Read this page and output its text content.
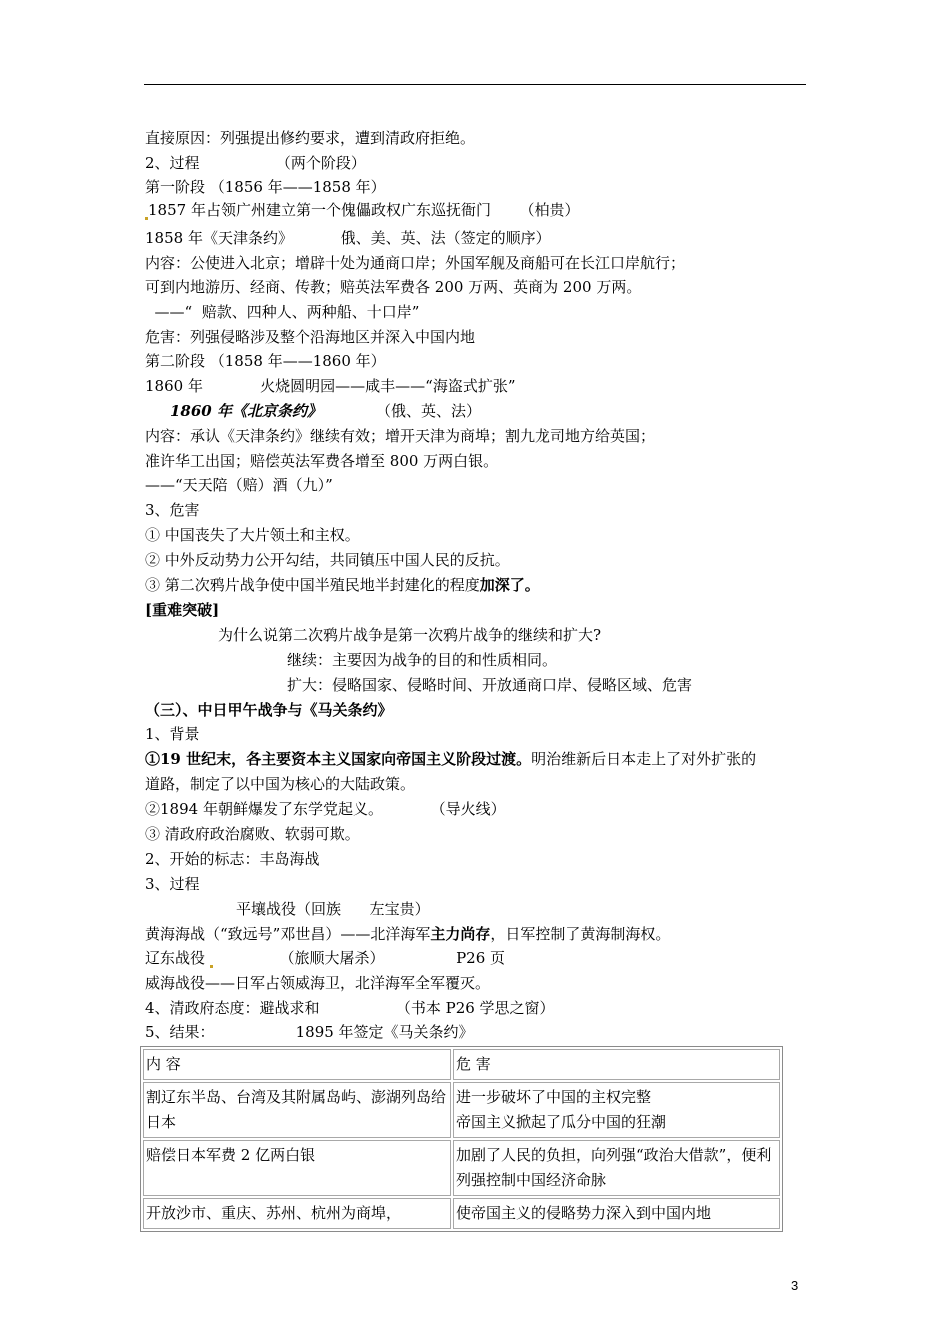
直接原因：列强提出修约要求，遭到清政府拒绝。
2、过程                （两个阶段）
第一阶段 （1856 年——1858 年）
1857 年占领广州建立第一个傀儡政权广东巡抚衙门      （柏贵）
1858 年《天津条约》          俄、美、英、法（签定的顺序）
内容：公使进入北京；增辟十处为通商口岸；外国军舰及商船可在长江口岸航行；
可到内地游历、经商、传教；赔英法军费各 200 万两、英商为 200 万两。
——“  赔款、四种人、两种船、十口岸”
危害：列强侵略涉及整个沿海地区并深入中国内地
第二阶段 （1858 年——1860 年）
1860 年            火烧圆明园——咸丰——“海盗式扩张”
1860 年《北京条约》	（俄、英、法）
内容：承认《天津条约》继续有效；增开天津为商埠；割九龙司地方给英国；
准许华工出国；赔偿英法军费各增至 800 万两白银。
——“天天陪（赔）酒（九）”
3、危害
① 中国丧失了大片领土和主权。
② 中外反动势力公开勾结，共同镇压中国人民的反抗。
③ 第二次鸦片战争使中国半殖民地半封建化的程度加深了。
[重难突破]
为什么说第二次鸦片战争是第一次鸦片战争的继续和扩大?
继续：主要因为战争的目的和性质相同。
扩大：侵略国家、侵略时间、开放通商口岸、侵略区域、危害
（三）、中日甲午战争与《马关条约》
1、背景
①19 世纪末，各主要资本主义国家向帝国主义阶段过渡。明治维新后日本走上了对外扩张的
道路，制定了以中国为核心的大陆政策。
②1894 年朝鲜爆发了东学党起义。          （导火线）
③ 清政府政治腐败、软弱可欺。
2、开始的标志：丰岛海战
3、过程
平壤战役（回族      左宝贵）
黄海海战（“致远号”邓世昌）——北洋海军主力尚存，日军控制了黄海制海权。
辽东战役               （旅顺大屠杀）               P26 页
威海战役——日军占领威海卫，北洋海军全军覆灭。
4、清政府态度：避战求和                （书本 P26 学思之窗）
5、结果：                 1895 年签定《马关条约》
内 容	危 害
割辽东半岛、台湾及其附属岛屿、澎湖列岛给日本	进一步破坏了中国的主权完整
帝国主义掀起了瓜分中国的狂潮
赔偿日本军费 2 亿两白银	加剧了人民的负担，向列强“政治大借款”，便利列强控制中国经济命脉
开放沙市、重庆、苏州、杭州为商埠，	使帝国主义的侵略势力深入到中国内地
3
